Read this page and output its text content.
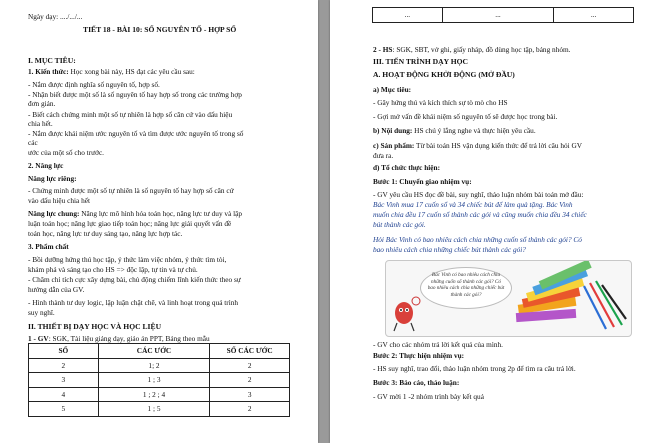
Ngày dạy: ..../.../...
TIẾT 18 - BÀI 10: SỐ NGUYÊN TỐ - HỢP SỐ
I. MỤC TIÊU:
1. Kiến thức: Học xong bài này, HS đạt các yêu cầu sau:
- Nắm được định nghĩa số nguyên tố, hợp số.
- Nhận biết được một số là số nguyên tố hay hợp số trong các trường hợp
đơn giản.
- Biết cách chứng minh một số tự nhiên là hợp số căn cứ vào dấu hiệu
chia hết.
- Nắm được khái niệm ước nguyên tố và tìm được ước nguyên tố trong số
các
ước của một số cho trước.
2. Năng lực
Năng lực riêng:
- Chứng minh được một số tự nhiên là số nguyên tố hay hợp số căn cứ
vào dấu hiệu chia hết
Năng lực chung: Năng lực mô hình hóa toán học, năng lực tư duy và lập
luận toán học; năng lực giao tiếp toán học; năng lực giải quyết vấn đề
toán học, năng lực tư duy sáng tạo, năng lực hợp tác.
3. Phẩm chất
- Bồi dưỡng hứng thú học tập, ý thức làm việc nhóm, ý thức tìm tòi,
khám phá và sáng tạo cho HS => độc lập, tự tin và tự chủ.
- Chăm chỉ tích cực xây dựng bài, chủ động chiếm lĩnh kiến thức theo sự
hướng dẫn của GV.
- Hình thành tư duy logic, lập luận chặt chẽ, và linh hoạt trong quá trình
suy nghĩ.
II. THIẾT BỊ DẠY HỌC VÀ HỌC LIỆU
1 - GV: SGK, Tài liệu giảng dạy, giáo án PPT, Bảng theo mẫu
SỐ	CÁC ƯỚC	SỐ CÁC ƯỚC
2	1; 2	2
3	1 ; 3	2
4	1 ; 2 ; 4	3
5	1 ; 5	2
...	...	...
2 - HS: SGK, SBT, vở ghi, giấy nháp, đồ dùng học tập, bảng nhóm.
III. TIẾN TRÌNH DẠY HỌC
A. HOẠT ĐỘNG KHỞI ĐỘNG (MỞ ĐẦU)
a) Mục tiêu:
- Gây hứng thú và kích thích sự tò mò cho HS
- Gợi mở vấn đề khái niệm số nguyên tố sẽ được học trong bài.
b) Nội dung: HS chú ý lắng nghe và thực hiện yêu cầu.
c) Sản phẩm: Từ bài toán HS vận dụng kiến thức để trả lời câu hỏi GV
đưa ra.
d) Tổ chức thực hiện:
Bước 1: Chuyển giao nhiệm vụ:
- GV yêu cầu HS đọc đề bài, suy nghĩ, thảo luận nhóm bài toán mở đầu:
Bác Vinh mua 17 cuốn sổ và 34 chiếc bút để làm quà tặng. Bác Vinh
muốn chia đều 17 cuốn sổ thành các gói và cũng muốn chia đều 34 chiếc
bút thành các gói.
Hỏi Bác Vinh có bao nhiêu cách chia những cuốn sổ thành các gói? Có
bao nhiêu cách chia những chiếc bút thành các gói?
Bác Vinh có bao nhiêu cách chia những cuốn sổ thành các gói? Có bao nhiêu cách chia những chiếc bút thành các gói?
- GV cho các nhóm trả lời kết quả của mình.
Bước 2: Thực hiện nhiệm vụ:
- HS suy nghĩ, trao đổi, thảo luận nhóm trong 2p để tìm ra câu trả lời.
Bước 3: Báo cáo, thảo luận:
- GV mời 1 -2 nhóm trình bày kết quả
